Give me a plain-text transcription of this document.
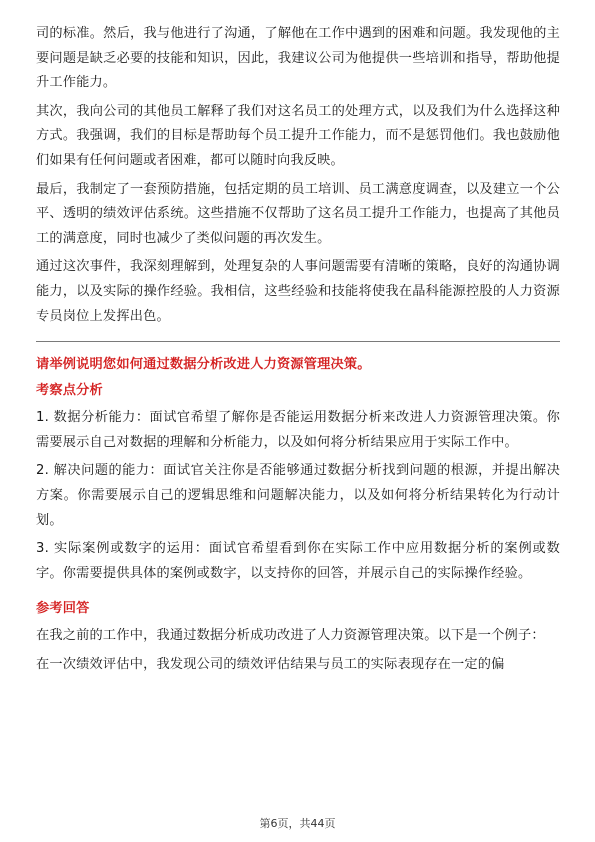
司的标准。然后，我与他进行了沟通，了解他在工作中遇到的困难和问题。我发现他的主要问题是缺乏必要的技能和知识，因此，我建议公司为他提供一些培训和指导，帮助他提升工作能力。

其次，我向公司的其他员工解释了我们对这名员工的处理方式，以及我们为什么选择这种方式。我强调，我们的目标是帮助每个员工提升工作能力，而不是惩罚他们。我也鼓励他们如果有任何问题或者困难，都可以随时向我反映。

最后，我制定了一套预防措施，包括定期的员工培训、员工满意度调查，以及建立一个公平、透明的绩效评估系统。这些措施不仅帮助了这名员工提升工作能力，也提高了其他员工的满意度，同时也减少了类似问题的再次发生。

通过这次事件，我深刻理解到，处理复杂的人事问题需要有清晰的策略，良好的沟通协调能力，以及实际的操作经验。我相信，这些经验和技能将使我在晶科能源控股的人力资源专员岗位上发挥出色。

请举例说明您如何通过数据分析改进人力资源管理决策。

考察点分析

1. 数据分析能力：面试官希望了解你是否能运用数据分析来改进人力资源管理决策。你需要展示自己对数据的理解和分析能力，以及如何将分析结果应用于实际工作中。

2. 解决问题的能力：面试官关注你是否能够通过数据分析找到问题的根源，并提出解决方案。你需要展示自己的逻辑思维和问题解决能力，以及如何将分析结果转化为行动计划。

3. 实际案例或数字的运用：面试官希望看到你在实际工作中应用数据分析的案例或数字。你需要提供具体的案例或数字，以支持你的回答，并展示自己的实际操作经验。

参考回答

在我之前的工作中，我通过数据分析成功改进了人力资源管理决策。以下是一个例子：

在一次绩效评估中，我发现公司的绩效评估结果与员工的实际表现存在一定的偏

第6页，共44页
